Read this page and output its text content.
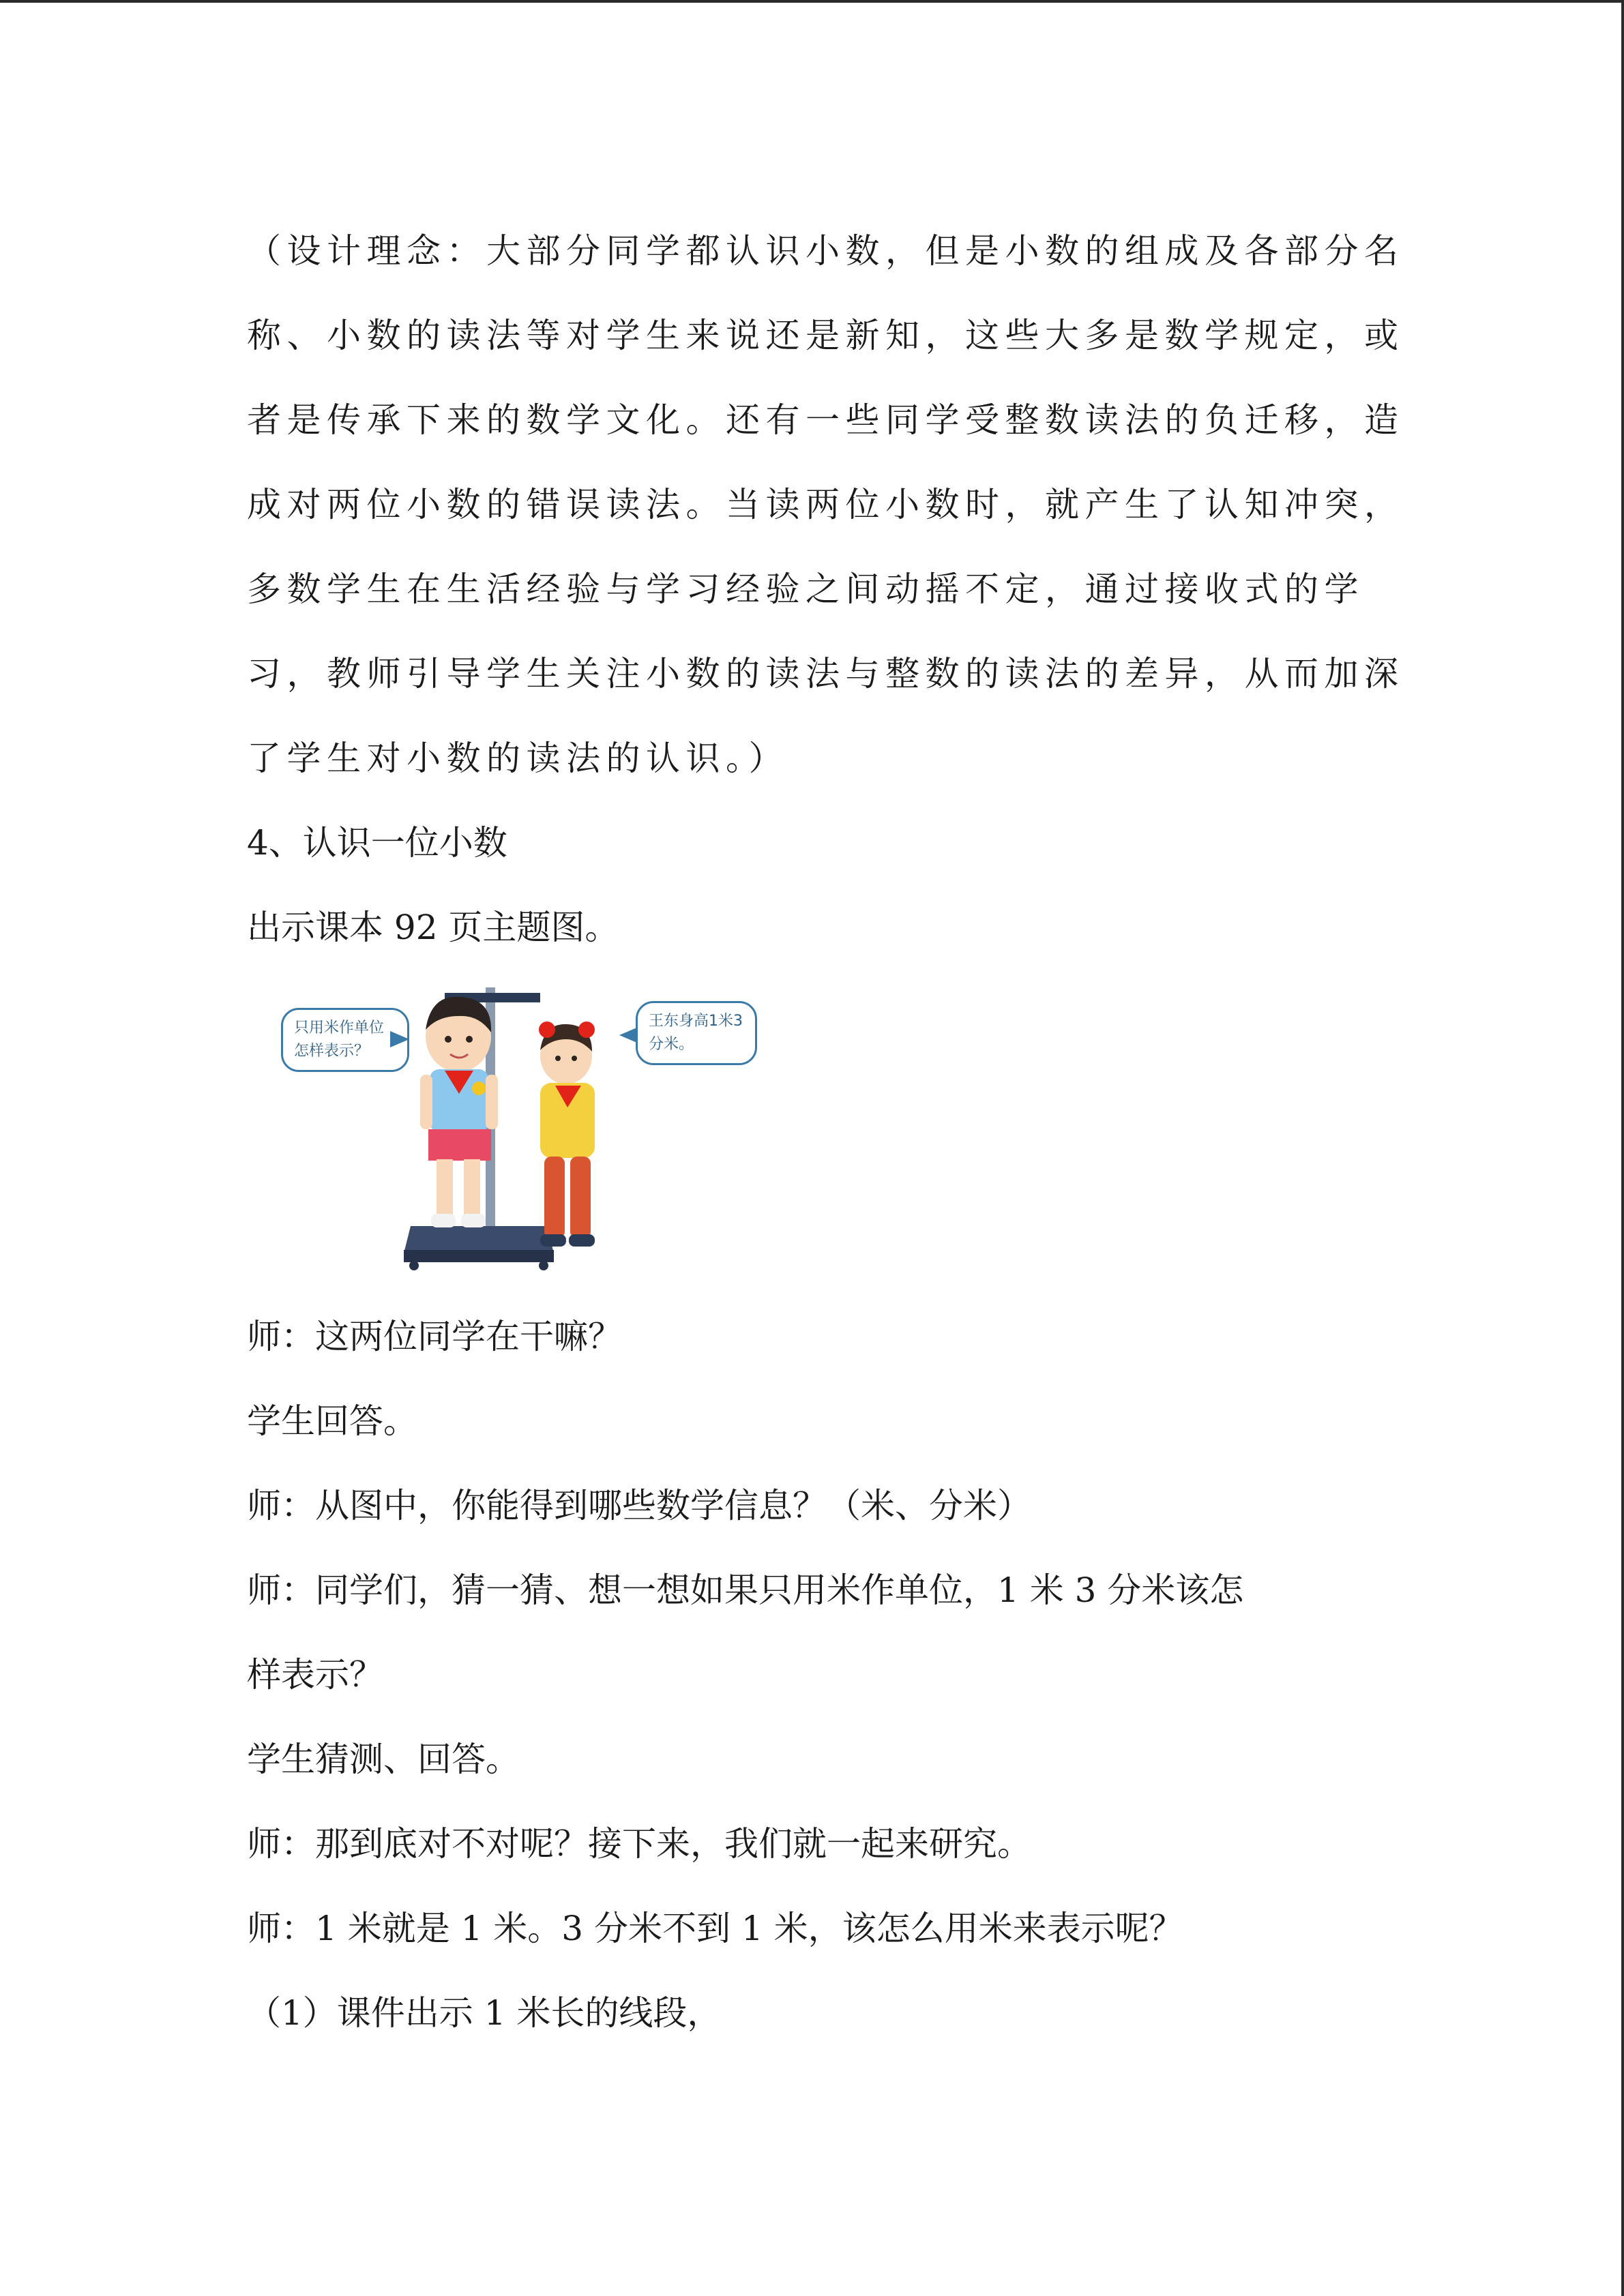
（设计理念：大部分同学都认识小数，但是小数的组成及各部分名
称、小数的读法等对学生来说还是新知，这些大多是数学规定，或
者是传承下来的数学文化。还有一些同学受整数读法的负迁移，造
成对两位小数的错误读法。当读两位小数时，就产生了认知冲突，
多数学生在生活经验与学习经验之间动摇不定，通过接收式的学
习，教师引导学生关注小数的读法与整数的读法的差异，从而加深
了学生对小数的读法的认识。）
4、认识一位小数
出示课本 92 页主题图。
只用米作单位怎样表示？
王东身高1米3分米。
师：这两位同学在干嘛？
学生回答。
师：从图中，你能得到哪些数学信息？（米、分米）
师：同学们，猜一猜、想一想如果只用米作单位，1 米 3 分米该怎
样表示？
学生猜测、回答。
师：那到底对不对呢？接下来，我们就一起来研究。
师：1 米就是 1 米。3 分米不到 1 米，该怎么用米来表示呢？
（1）课件出示 1 米长的线段，
